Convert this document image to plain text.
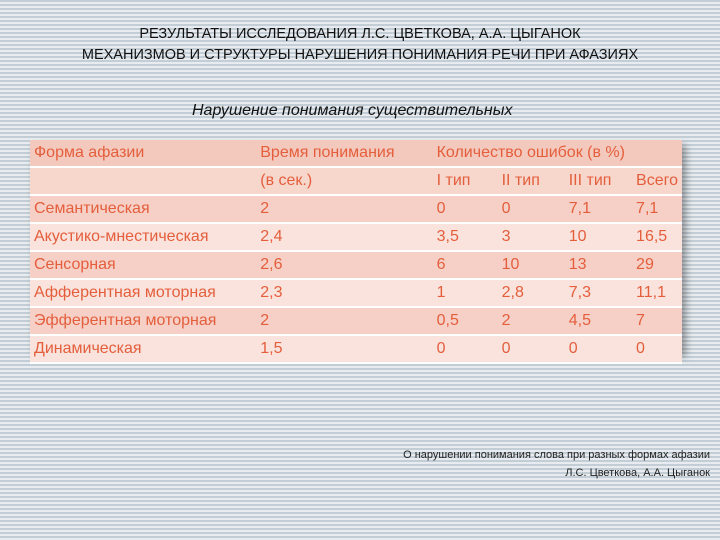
РЕЗУЛЬТАТЫ ИССЛЕДОВАНИЯ Л.С. ЦВЕТКОВА, А.А. ЦЫГАНОК
МЕХАНИЗМОВ И СТРУКТУРЫ НАРУШЕНИЯ ПОНИМАНИЯ РЕЧИ ПРИ АФАЗИЯХ
Нарушение понимания существительных
Форма афазии	Время понимания	Количество ошибок (в %)			
	(в сек.)	I тип	II тип	III тип	Всего
Семантическая	2	0	0	7,1	7,1
Акустико-мнестическая	2,4	3,5	3	10	16,5
Сенсорная	2,6	6	10	13	29
Афферентная моторная	2,3	1	2,8	7,3	11,1
Эфферентная моторная	2	0,5	2	4,5	7
Динамическая	1,5	0	0	0	0
О нарушении понимания слова при разных формах афазии
Л.С. Цветкова, А.А. Цыганок
